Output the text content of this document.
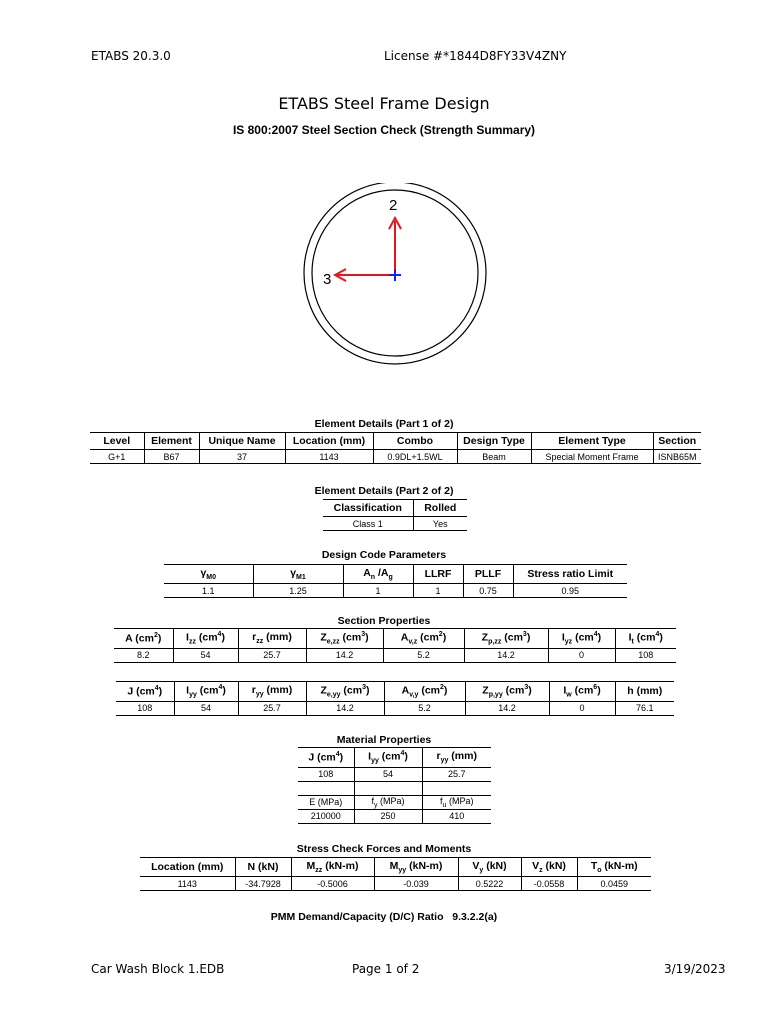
ETABS 20.3.0	License #*1844D8FY33V4ZNY
ETABS Steel Frame Design
IS 800:2007 Steel Section Check (Strength Summary)
2
3
Element Details (Part 1 of 2)
Level	Element	Unique Name	Location (mm)	Combo	Design Type	Element Type	Section
G+1	B67	37	1143	0.9DL+1.5WL	Beam	Special Moment Frame	ISNB65M
Element Details (Part 2 of 2)
Classification	Rolled
Class 1	Yes
Design Code Parameters
$\gamma_{M0}$	$\gamma_{M1}$	$A_n$ $/A_g$	LLRF	PLLF	Stress ratio Limit
1.1	1.25	1	1	0.75	0.95
Section Properties
A $(cm^2)$	$I_{zz}$ $(cm^4)$	$r_{zz}$ (mm)	$Z_{e,zz}$ $(cm^3)$	$A_{v,z}$ $(cm^2)$	$Z_{p,zz}$ $(cm^3)$	$I_{yz}$ $(cm^4)$	$I_t$ $(cm^4)$
8.2	54	25.7	14.2	5.2	14.2	0	108
J $(cm^4)$	$I_{yy}$ $(cm^4)$	$r_{yy}$ (mm)	$Z_{e,yy}$ $(cm^3)$	$A_{v,y}$ $(cm^2)$	$Z_{p,yy}$ $(cm^3)$	$I_w$ $(cm^6)$	h (mm)
108	54	25.7	14.2	5.2	14.2	0	76.1
Material Properties
J $(cm^4)$	$I_{yy}$ $(cm^4)$	$r_{yy}$ (mm)
108	54	25.7

E (MPa)	$f_y$ (MPa)	$f_u$ (MPa)
210000	250	410
Stress Check Forces and Moments
Location (mm)	N (kN)	$M_{zz}$ (kN-m)	$M_{yy}$ (kN-m)	$V_y$ (kN)	$V_z$ (kN)	$T_o$ (kN-m)
1143	-34.7928	-0.5006	-0.039	0.5222	-0.0558	0.0459
PMM Demand/Capacity (D/C) Ratio   9.3.2.2(a)
Car Wash Block 1.EDB	Page 1 of 2	3/19/2023
